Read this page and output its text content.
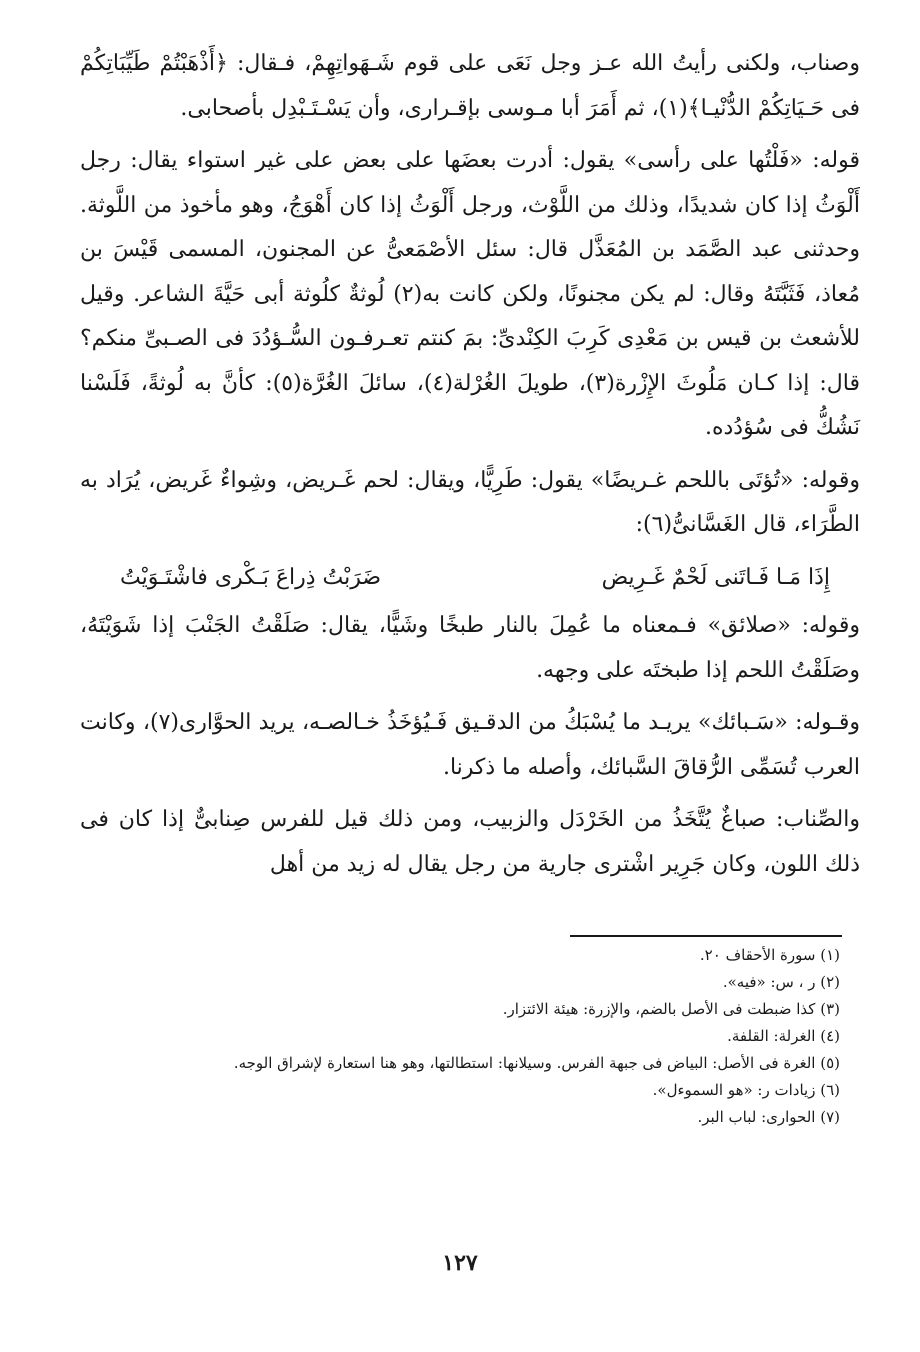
وصناب، ولكنى رأيتُ الله عـز وجل نَعَى على قوم شَـهَواتِهِمْ، فـقال: ﴿أَذْهَبْتُمْ طَيِّبَاتِكُمْ فى حَـيَاتِكُمْ الدُّنْيـا﴾(١)، ثم أَمَرَ أبا مـوسى بإقـرارى، وأن يَسْـتَـبْدِل بأصحابى.

قوله: «فَلْتُها على رأسى» يقول: أدرت بعضَها على بعض على غير استواء يقال: رجل أَلْوَثُ إذا كان شديدًا، وذلك من اللَّوْث، ورجل أَلْوَثُ إذا كان أَهْوَجُ، وهو مأخوذ من اللَّوثة. وحدثنى عبد الصَّمَد بن المُعَذَّل قال: سئل الأصْمَعىُّ عن المجنون، المسمى قَيْسَ بن مُعاذ، فَثَبَّتَهُ وقال: لم يكن مجنونًا، ولكن كانت به(٢) لُوثةٌ كلُوثة أبى حَيَّةَ الشاعر. وقيل للأشعث بن قيس بن مَعْدِى كَرِبَ الكِنْدىِّ: بمَ كنتم تعـرفـون السُّـؤدُدَ فى الصـبىِّ منكم؟ قال: إذا كـان مَلُوثَ الإِزْرة(٣)، طويلَ الغُرْلة(٤)، سائلَ الغُرَّة(٥): كأنَّ به لُوثةً، فَلَسْنا نَشُكُّ فى سُؤدُده.

وقوله: «تُؤتَى باللحم غـريضًا» يقول: طَرِيًّا، ويقال: لحم غَـريض، وشِواءٌ غَريض، يُرَاد به الطَّرَاء، قال الغَسَّانىُّ(٦):

إِذَا مَـا فَـاتَنى لَحْمٌ غَـرِيض
ضَرَبْتُ ذِراعَ بَـكْرى فاشْتَـوَيْتُ

وقوله: «صلائق» فـمعناه ما عُمِلَ بالنار طبخًا وشَيًّا، يقال: صَلَقْتُ الجَنْبَ إذا شَوَيْتَهُ، وصَلَقْتُ اللحم إذا طبختَه على وجهه.

وقـوله: «سَـبائك» يريـد ما يُسْبَكُ من الدقـيق فَـيُؤخَذُ خـالصـه، يريد الحوَّارى(٧)، وكانت العرب تُسَمِّى الرُّقاقَ السَّبائك، وأصله ما ذكرنا.

والصِّناب: صباغٌ يُتَّخَذُ من الخَرْدَل والزبيب، ومن ذلك قيل للفرس صِنابىٌّ إذا كان فى ذلك اللون، وكان جَرِير اشْترى جارية من رجل يقال له زيد من أهل

(١) سورة الأحقاف ٢٠.
(٢) ر ، س: «فيه».
(٣) كذا ضبطت فى الأصل بالضم، والإزرة: هيئة الائتزار.
(٤) الغرلة: القلفة.
(٥) الغرة فى الأصل: البياض فى جبهة الفرس. وسيلانها: استطالتها، وهو هنا استعارة لإشراق الوجه.
(٦) زيادات ر: «هو السموءل».
(٧) الحوارى: لباب البر.
١٢٧
